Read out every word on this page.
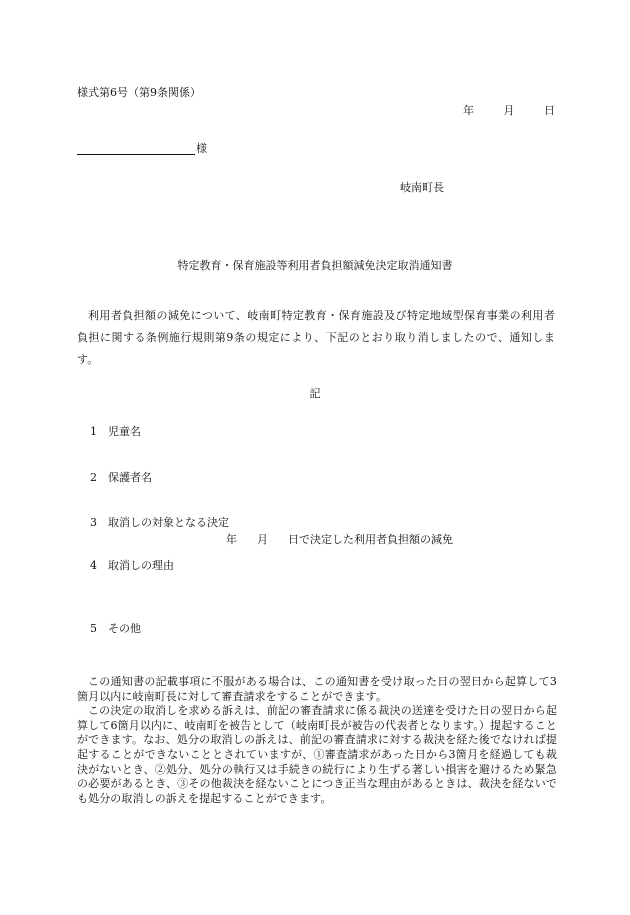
様式第6号（第9条関係）
年	月	日
様
岐南町長
特定教育・保育施設等利用者負担額減免決定取消通知書
利用者負担額の減免について、岐南町特定教育・保育施設及び特定地域型保育事業の利用者負担に関する条例施行規則第9条の規定により、下記のとおり取り消しましたので、通知します。
記
1 児童名
2 保護者名
3 取消しの対象となる決定
年 月 日で決定した利用者負担額の減免
4 取消しの理由
5 その他

この通知書の記載事項に不服がある場合は、この通知書を受け取った日の翌日から起算して3箇月以内に岐南町長に対して審査請求をすることができます。

この決定の取消しを求める訴えは、前記の審査請求に係る裁決の送達を受けた日の翌日から起算して6箇月以内に、岐南町を被告として（岐南町長が被告の代表者となります。）提起することができます。なお、処分の取消しの訴えは、前記の審査請求に対する裁決を経た後でなければ提起することができないこととされていますが、①審査請求があった日から3箇月を経過しても裁決がないとき、②処分、処分の執行又は手続きの続行により生ずる著しい損害を避けるため緊急の必要があるとき、③その他裁決を経ないことにつき正当な理由があるときは、裁決を経ないでも処分の取消しの訴えを提起することができます。
